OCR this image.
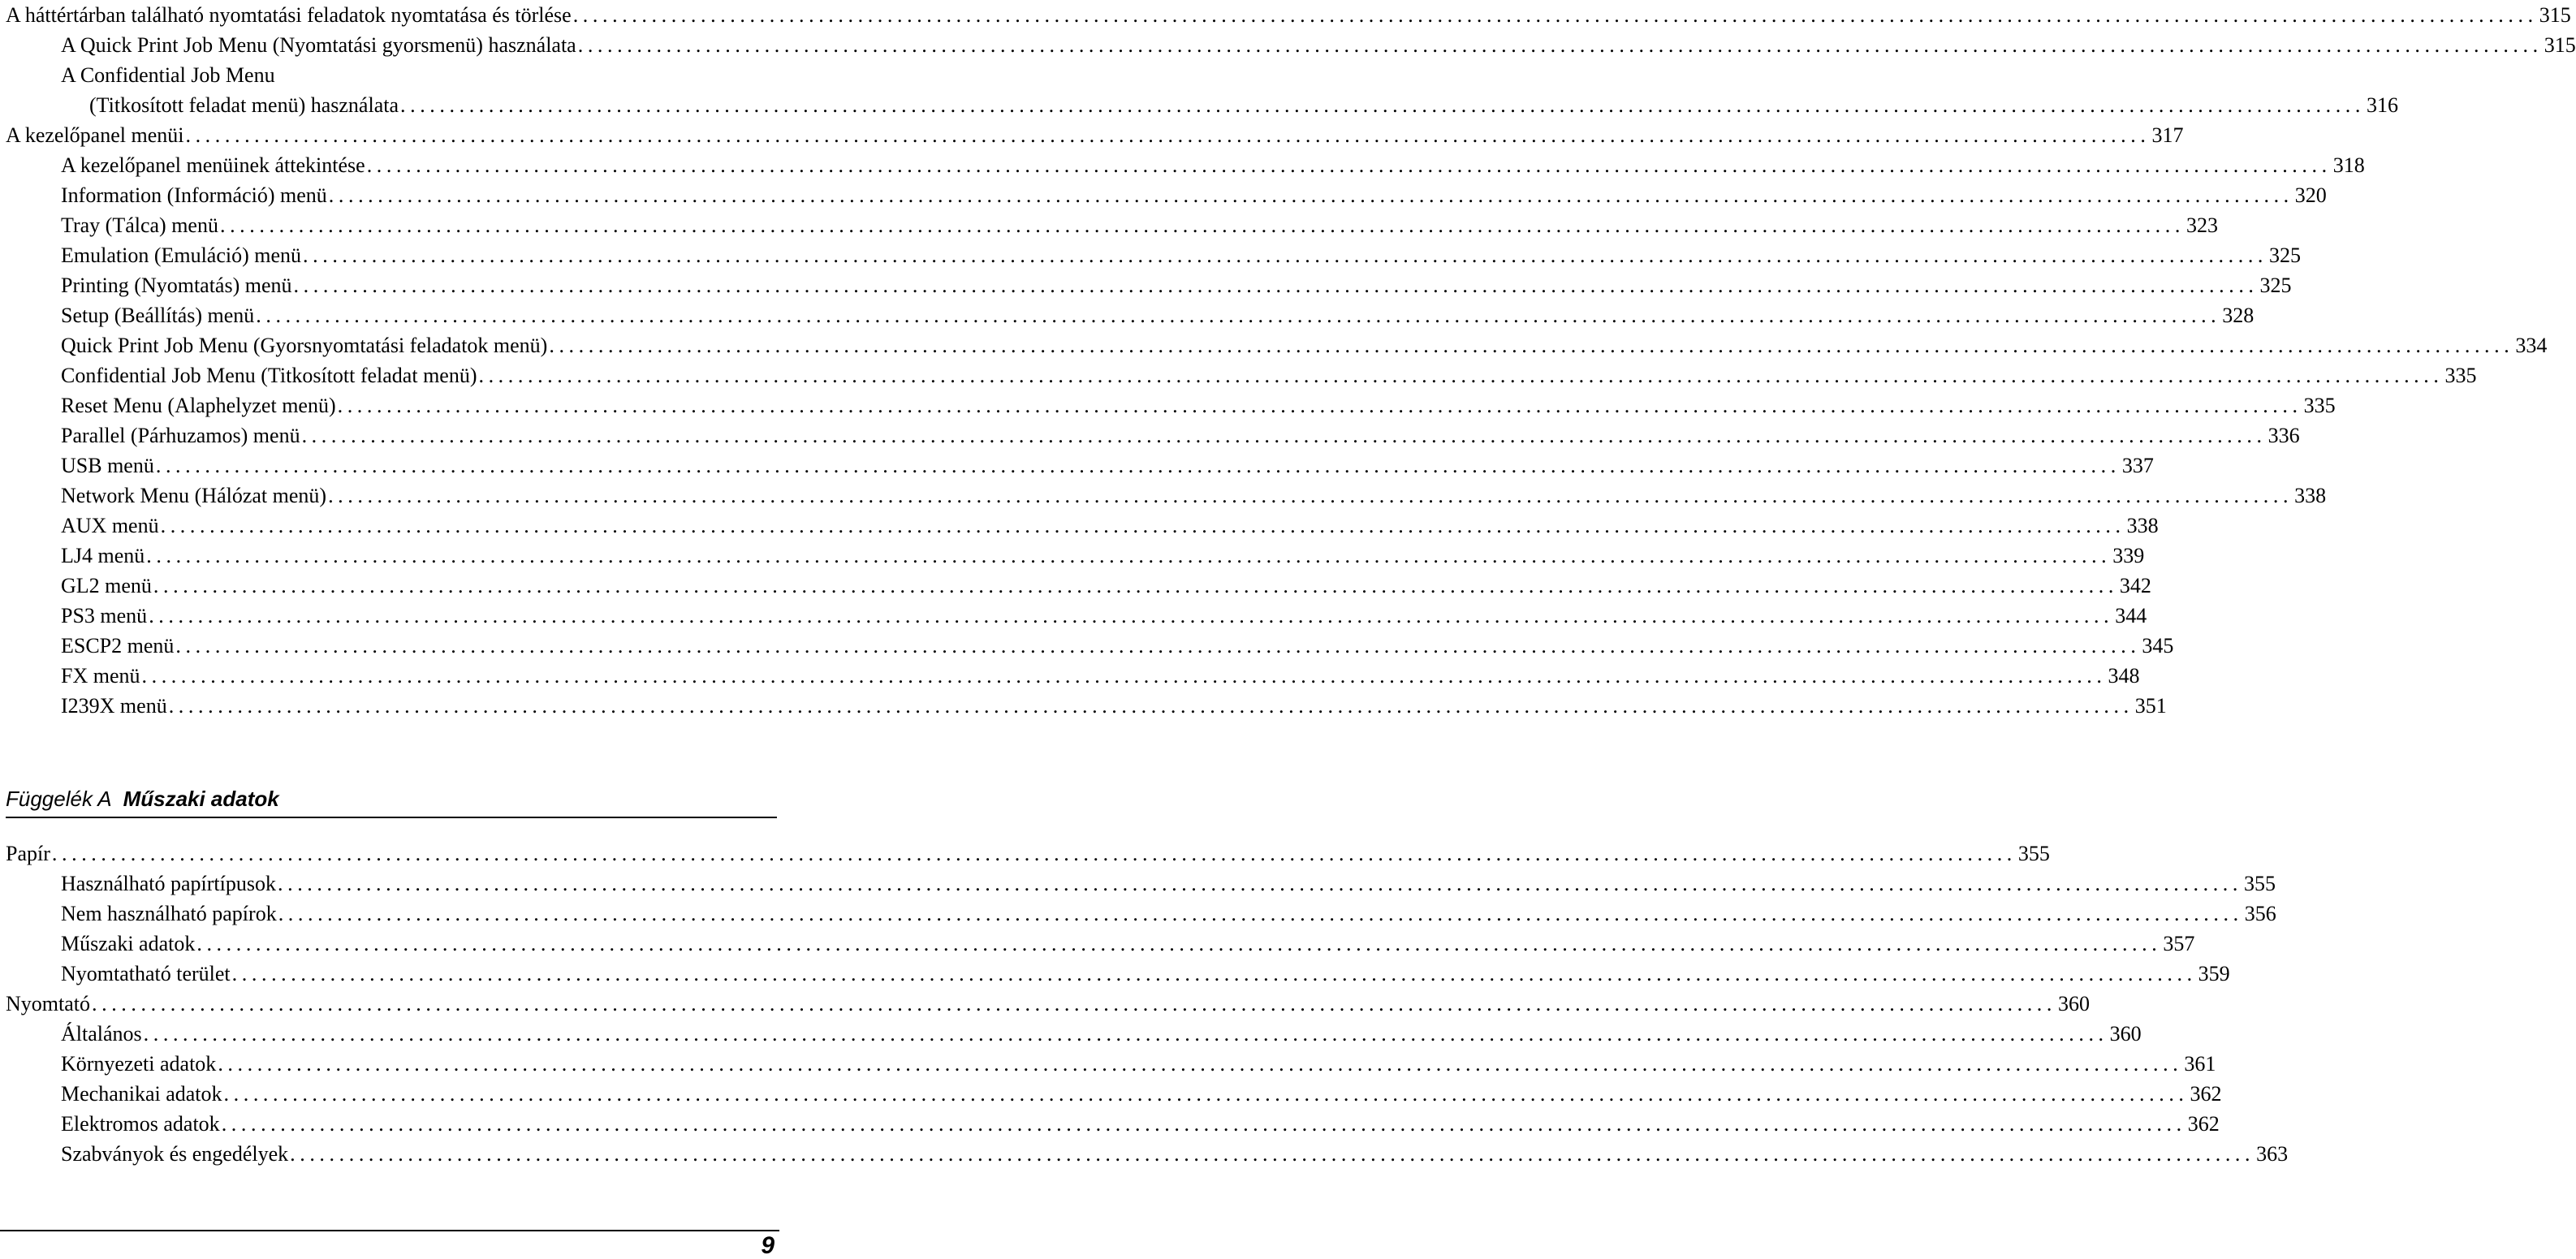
A háttértárban található nyomtatási feladatok nyomtatása és törlése ........................................................................................................................................................................................................ 315
A Quick Print Job Menu (Nyomtatási gyorsmenü) használata ........................................................................................................................................................................................................ 315
A Confidential Job Menu
(Titkosított feladat menü) használata ........................................................................................................................................................................................................ 316
A kezelőpanel menüi ........................................................................................................................................................................................................ 317
A kezelőpanel menüinek áttekintése ........................................................................................................................................................................................................ 318
Information (Információ) menü ........................................................................................................................................................................................................ 320
Tray (Tálca) menü ........................................................................................................................................................................................................ 323
Emulation (Emuláció) menü ........................................................................................................................................................................................................ 325
Printing (Nyomtatás) menü ........................................................................................................................................................................................................ 325
Setup (Beállítás) menü ........................................................................................................................................................................................................ 328
Quick Print Job Menu (Gyorsnyomtatási feladatok menü) ........................................................................................................................................................................................................ 334
Confidential Job Menu (Titkosított feladat menü) ........................................................................................................................................................................................................ 335
Reset Menu (Alaphelyzet menü) ........................................................................................................................................................................................................ 335
Parallel (Párhuzamos) menü ........................................................................................................................................................................................................ 336
USB menü ........................................................................................................................................................................................................ 337
Network Menu (Hálózat menü) ........................................................................................................................................................................................................ 338
AUX menü ........................................................................................................................................................................................................ 338
LJ4 menü ........................................................................................................................................................................................................ 339
GL2 menü ........................................................................................................................................................................................................ 342
PS3 menü ........................................................................................................................................................................................................ 344
ESCP2 menü ........................................................................................................................................................................................................ 345
FX menü ........................................................................................................................................................................................................ 348
I239X menü ........................................................................................................................................................................................................ 351
Függelék A Műszaki adatok
Papír ........................................................................................................................................................................................................ 355
Használható papírtípusok ........................................................................................................................................................................................................ 355
Nem használható papírok ........................................................................................................................................................................................................ 356
Műszaki adatok ........................................................................................................................................................................................................ 357
Nyomtatható terület ........................................................................................................................................................................................................ 359
Nyomtató ........................................................................................................................................................................................................ 360
Általános ........................................................................................................................................................................................................ 360
Környezeti adatok ........................................................................................................................................................................................................ 361
Mechanikai adatok ........................................................................................................................................................................................................ 362
Elektromos adatok ........................................................................................................................................................................................................ 362
Szabványok és engedélyek ........................................................................................................................................................................................................ 363
9
